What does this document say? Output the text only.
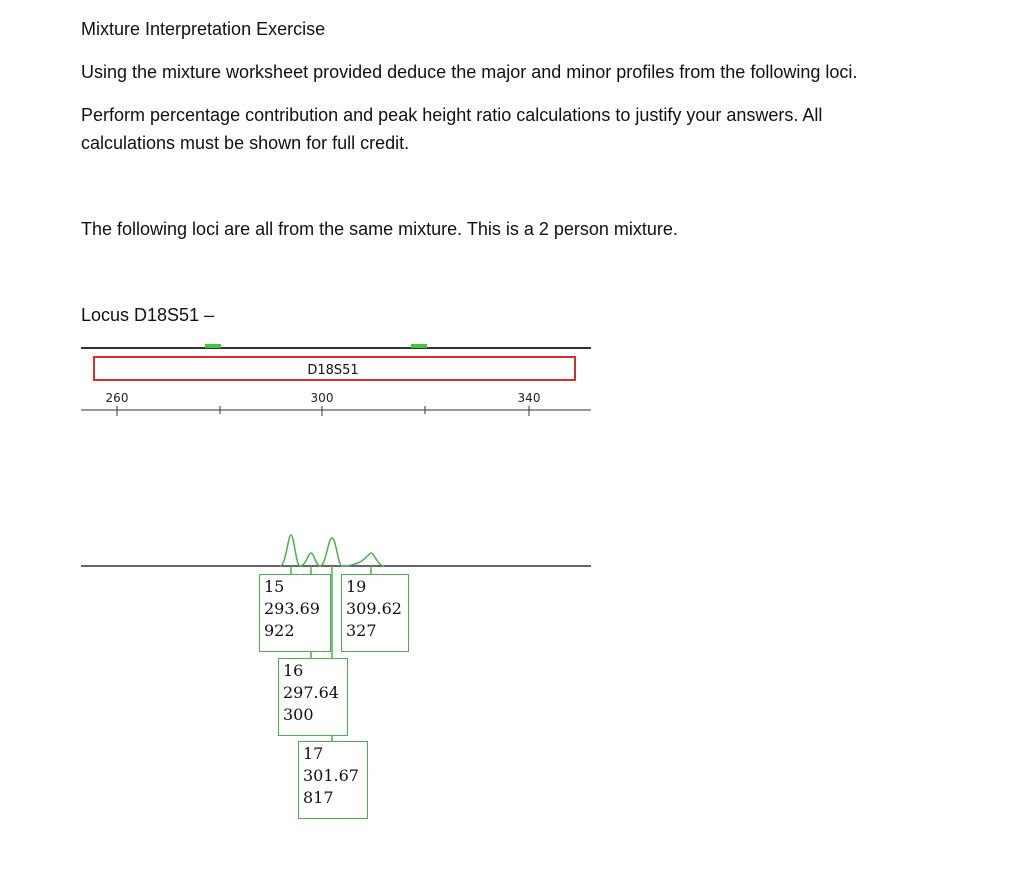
Mixture Interpretation Exercise
Using the mixture worksheet provided deduce the major and minor profiles from the following loci.
Perform percentage contribution and peak height ratio calculations to justify your answers. All
calculations must be shown for full credit.
The following loci are all from the same mixture. This is a 2 person mixture.
Locus D18S51 –
D18S51
260	300	340
15
293.69
922
19
309.62
327
16
297.64
300
17
301.67
817
